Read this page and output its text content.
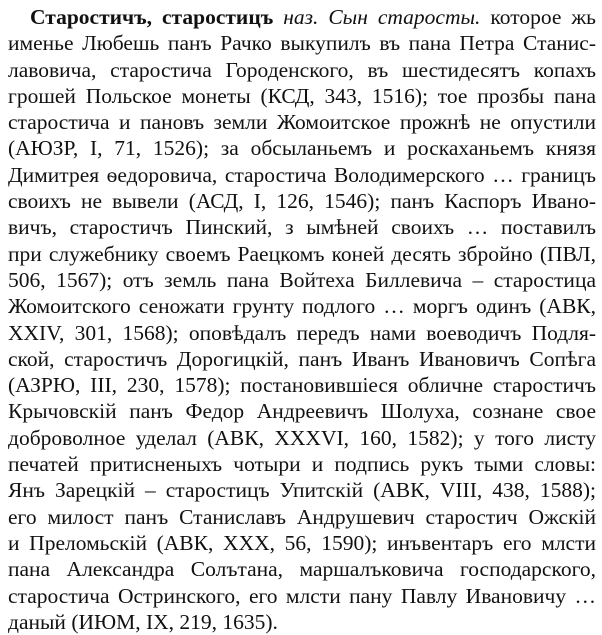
Старостичъ, старостицъ наз. Сын старосты. которое жь
именье Любешь панъ Рачко выкупилъ въ пана Петра Станис-
лавовича, старостича Городенского, въ шестидесятъ копахъ
грошей Польское монеты (КСД, 343, 1516); тое прозбы пана
старостича и пановъ земли Жомоитское прожнѣ не опустили
(АЮЗР, I, 71, 1526); за обсыланьемъ и роскаханьемъ князя
Димитрея ѳедоровича, старостича Володимерского … границъ
своихъ не вывели (АСД, I, 126, 1546); панъ Каспоръ Ивано-
вичъ, старостичъ Пинский, з ымѣней своихъ … поставилъ
при служебнику своемъ Раецкомъ коней десять збройно (ПВЛ,
506, 1567); отъ земль пана Войтеха Биллевича – старостица
Жомоитского сеножати грунту подлого … моргъ одинъ (АВК,
XXIV, 301, 1568); оповѣдалъ передъ нами воеводичъ Подля-
ской, старостичъ Дорогицкій, панъ Иванъ Ивановичъ Сопѣга
(АЗРЮ, III, 230, 1578); постановившіеся обличне старостичъ
Крычовскій панъ Федор Андреевичъ Шолуха, сознане свое
доброволное уделал (АВК, XXXVI, 160, 1582); у того листу
печатей притисненыхъ чотыри и подпись рукъ тыми словы:
Янъ Зарецкій – старостицъ Упитскій (АВК, VIII, 438, 1588);
его милост панъ Станиславъ Андрушевич старостич Ожскій
и Преломьскій (АВК, ХХХ, 56, 1590); инъвентаръ его млсти
пана Александра Солътана, маршалъковича господарского,
старостича Остринского, его млсти пану Павлу Ивановичу …
даный (ИЮМ, IX, 219, 1635).
